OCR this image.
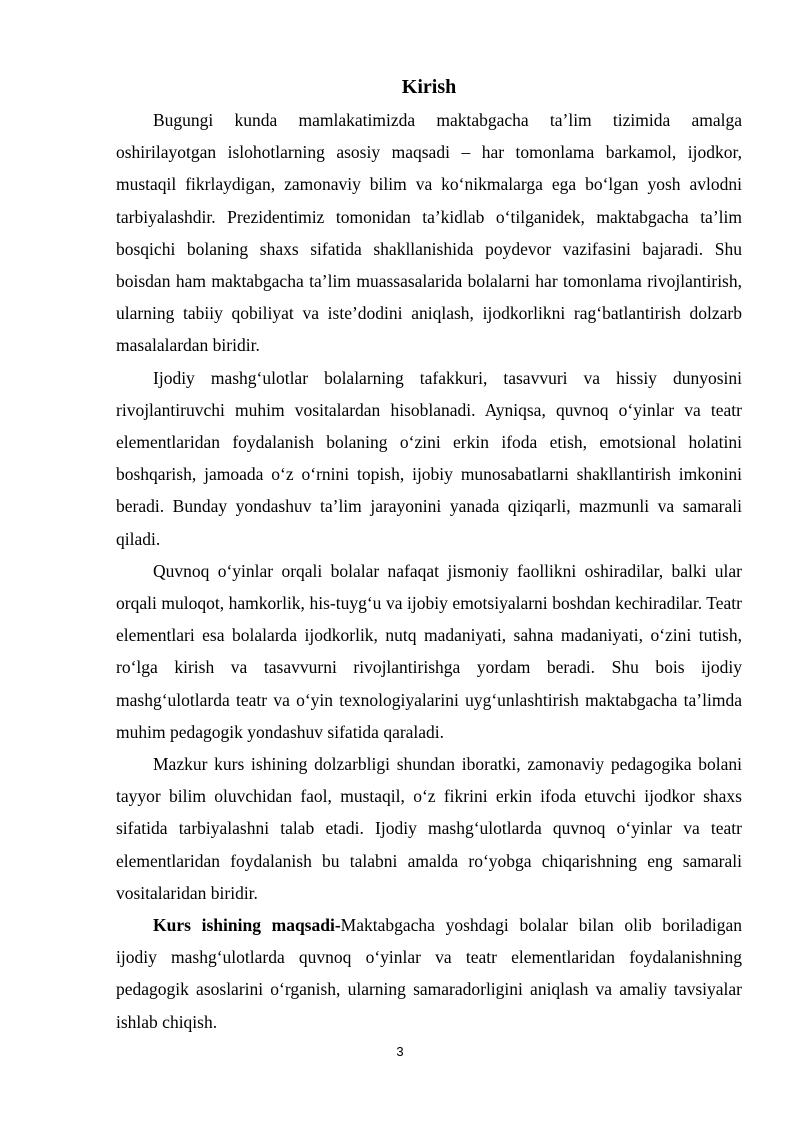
Kirish

Bugungi kunda mamlakatimizda maktabgacha ta’lim tizimida amalga oshirilayotgan islohotlarning asosiy maqsadi – har tomonlama barkamol, ijodkor, mustaqil fikrlaydigan, zamonaviy bilim va ko‘nikmalarga ega bo‘lgan yosh avlodni tarbiyalashdir. Prezidentimiz tomonidan ta’kidlab o‘tilganidek, maktabgacha ta’lim bosqichi bolaning shaxs sifatida shakllanishida poydevor vazifasini bajaradi. Shu boisdan ham maktabgacha ta’lim muassasalarida bolalarni har tomonlama rivojlantirish, ularning tabiiy qobiliyat va iste’dodini aniqlash, ijodkorlikni rag‘batlantirish dolzarb masalalardan biridir.

Ijodiy mashg‘ulotlar bolalarning tafakkuri, tasavvuri va hissiy dunyosini rivojlantiruvchi muhim vositalardan hisoblanadi. Ayniqsa, quvnoq o‘yinlar va teatr elementlaridan foydalanish bolaning o‘zini erkin ifoda etish, emotsional holatini boshqarish, jamoada o‘z o‘rnini topish, ijobiy munosabatlarni shakllantirish imkonini beradi. Bunday yondashuv ta’lim jarayonini yanada qiziqarli, mazmunli va samarali qiladi.

Quvnoq o‘yinlar orqali bolalar nafaqat jismoniy faollikni oshiradilar, balki ular orqali muloqot, hamkorlik, his-tuyg‘u va ijobiy emotsiyalarni boshdan kechiradilar. Teatr elementlari esa bolalarda ijodkorlik, nutq madaniyati, sahna madaniyati, o‘zini tutish, ro‘lga kirish va tasavvurni rivojlantirishga yordam beradi. Shu bois ijodiy mashg‘ulotlarda teatr va o‘yin texnologiyalarini uyg‘unlashtirish maktabgacha ta’limda muhim pedagogik yondashuv sifatida qaraladi.

Mazkur kurs ishining dolzarbligi shundan iboratki, zamonaviy pedagogika bolani tayyor bilim oluvchidan faol, mustaqil, o‘z fikrini erkin ifoda etuvchi ijodkor shaxs sifatida tarbiyalashni talab etadi. Ijodiy mashg‘ulotlarda quvnoq o‘yinlar va teatr elementlaridan foydalanish bu talabni amalda ro‘yobga chiqarishning eng samarali vositalaridan biridir.

Kurs ishining maqsadi-Maktabgacha yoshdagi bolalar bilan olib boriladigan ijodiy mashg‘ulotlarda quvnoq o‘yinlar va teatr elementlaridan foydalanishning pedagogik asoslarini o‘rganish, ularning samaradorligini aniqlash va amaliy tavsiyalar ishlab chiqish.

3
